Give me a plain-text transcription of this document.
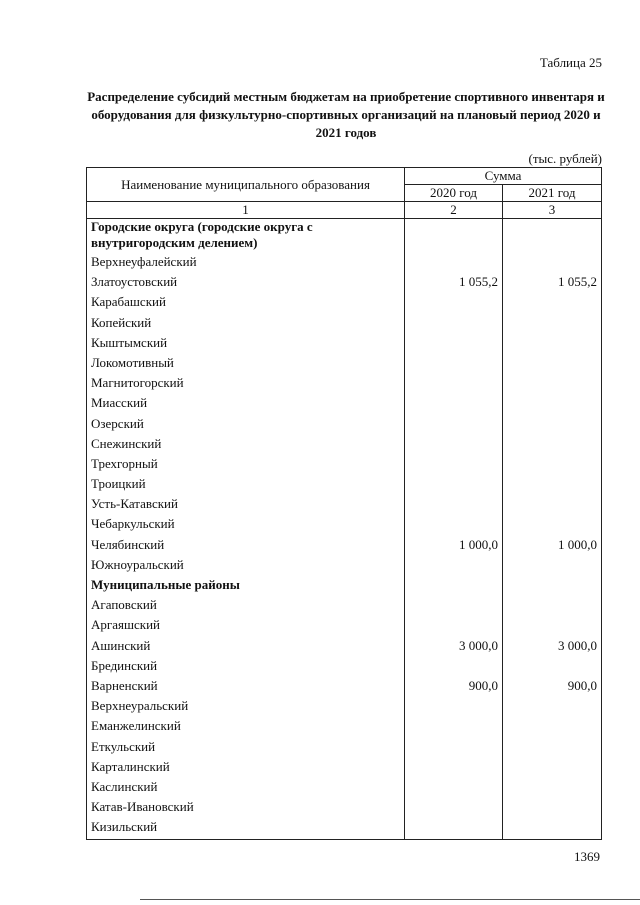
Таблица 25
Распределение субсидий местным бюджетам на приобретение спортивного инвентаря и оборудования для физкультурно-спортивных организаций на плановый период 2020 и 2021 годов
(тыс. рублей)
Наименование муниципального образования	Сумма	
	2020 год	2021 год
1	2	3
Городские округа (городские округа с внутригородским делением)		
Верхнеуфалейский		
Златоустовский	1 055,2	1 055,2
Карабашский		
Копейский		
Кыштымский		
Локомотивный		
Магнитогорский		
Миасский		
Озерский		
Снежинский		
Трехгорный		
Троицкий		
Усть-Катавский		
Чебаркульский		
Челябинский	1 000,0	1 000,0
Южноуральский		
Муниципальные районы		
Агаповский		
Аргаяшский		
Ашинский	3 000,0	3 000,0
Брединский		
Варненский	900,0	900,0
Верхнеуральский		
Еманжелинский		
Еткульский		
Карталинский		
Каслинский		
Катав-Ивановский		
Кизильский		
1369
